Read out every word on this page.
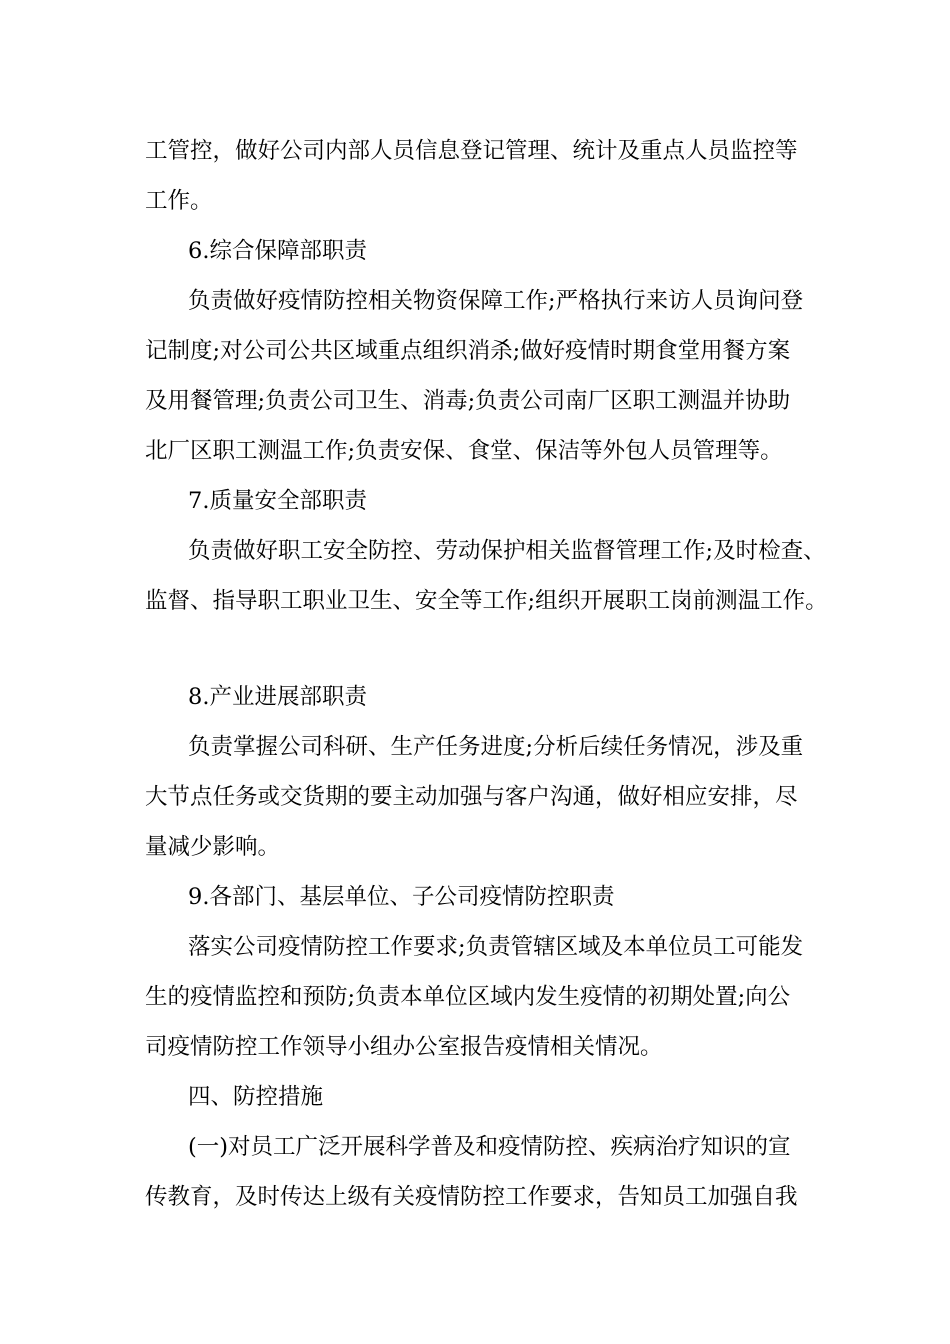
工管控，做好公司内部人员信息登记管理、统计及重点人员监控等
工作。
6.综合保障部职责
负责做好疫情防控相关物资保障工作;严格执行来访人员询问登
记制度;对公司公共区域重点组织消杀;做好疫情时期食堂用餐方案
及用餐管理;负责公司卫生、消毒;负责公司南厂区职工测温并协助
北厂区职工测温工作;负责安保、食堂、保洁等外包人员管理等。
7.质量安全部职责
负责做好职工安全防控、劳动保护相关监督管理工作;及时检查、
监督、指导职工职业卫生、安全等工作;组织开展职工岗前测温工作。
8.产业进展部职责
负责掌握公司科研、生产任务进度;分析后续任务情况，涉及重
大节点任务或交货期的要主动加强与客户沟通，做好相应安排，尽
量减少影响。
9.各部门、基层单位、子公司疫情防控职责
落实公司疫情防控工作要求;负责管辖区域及本单位员工可能发
生的疫情监控和预防;负责本单位区域内发生疫情的初期处置;向公
司疫情防控工作领导小组办公室报告疫情相关情况。
四、防控措施
(一)对员工广泛开展科学普及和疫情防控、疾病治疗知识的宣
传教育，及时传达上级有关疫情防控工作要求，告知员工加强自我
